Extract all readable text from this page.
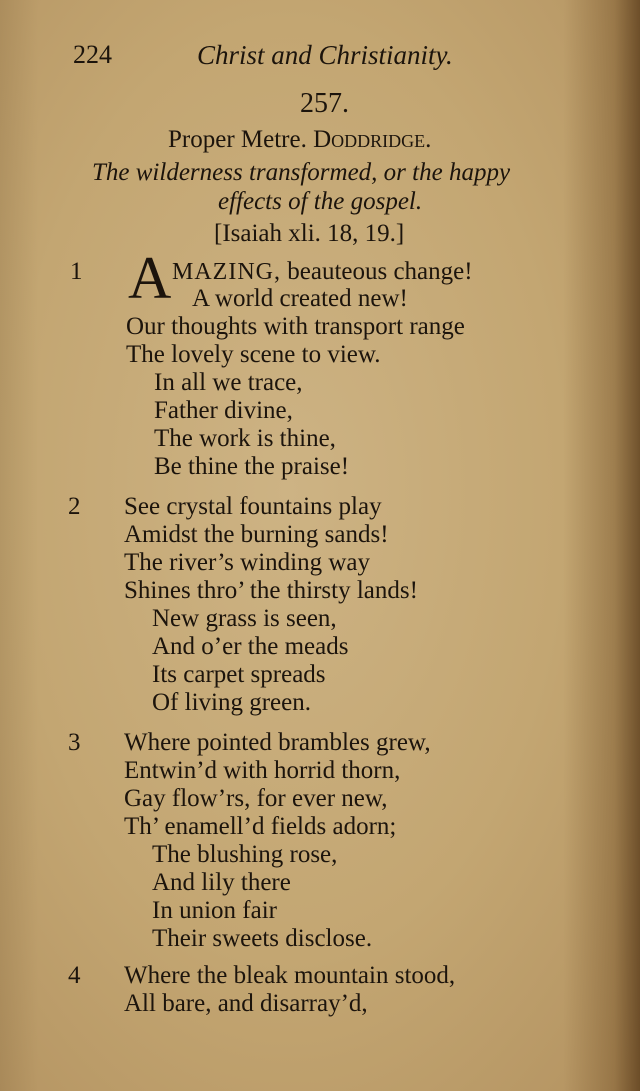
224	Christ and Christianity.
257.
Proper Metre. Doddridge.
The wilderness transformed, or the happy
effects of the gospel.
[Isaiah xli. 18, 19.]
1 A MAZING, beauteous change!
A world created new!
Our thoughts with transport range
The lovely scene to view.
In all we trace,
Father divine,
The work is thine,
Be thine the praise!
2 See crystal fountains play
Amidst the burning sands!
The river’s winding way
Shines thro’ the thirsty lands!
New grass is seen,
And o’er the meads
Its carpet spreads
Of living green.
3 Where pointed brambles grew,
Entwin’d with horrid thorn,
Gay flow’rs, for ever new,
Th’ enamell’d fields adorn;
The blushing rose,
And lily there
In union fair
Their sweets disclose.
4 Where the bleak mountain stood,
All bare, and disarray’d,
